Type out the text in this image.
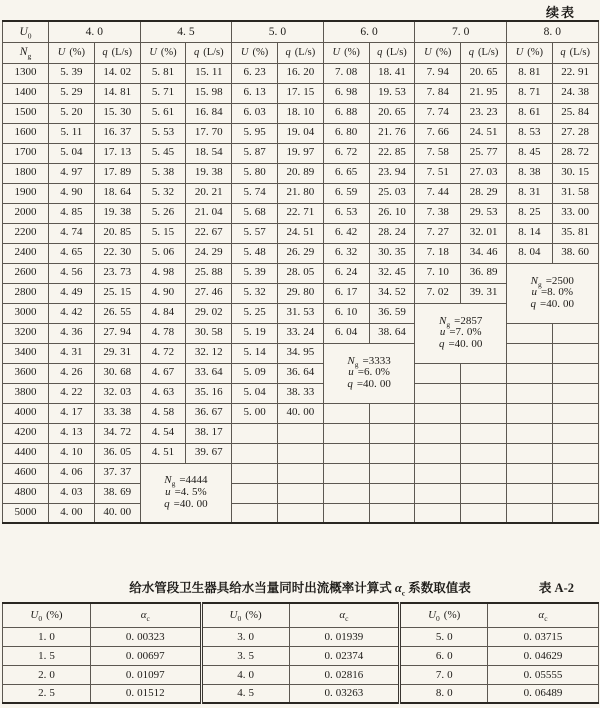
续表
$U_0$	4. 0		4. 5		5. 0		6. 0		7. 0		8. 0	
$N_g$	U (%)	q (L/s)	U (%)	q (L/s)	U (%)	q (L/s)	U (%)	q (L/s)	U (%)	q (L/s)	U (%)	q (L/s)
1300	5. 39	14. 02	5. 81	15. 11	6. 23	16. 20	7. 08	18. 41	7. 94	20. 65	8. 81	22. 91
1400	5. 29	14. 81	5. 71	15. 98	6. 13	17. 15	6. 98	19. 53	7. 84	21. 95	8. 71	24. 38
1500	5. 20	15. 30	5. 61	16. 84	6. 03	18. 10	6. 88	20. 65	7. 74	23. 23	8. 61	25. 84
1600	5. 11	16. 37	5. 53	17. 70	5. 95	19. 04	6. 80	21. 76	7. 66	24. 51	8. 53	27. 28
1700	5. 04	17. 13	5. 45	18. 54	5. 87	19. 97	6. 72	22. 85	7. 58	25. 77	8. 45	28. 72
1800	4. 97	17. 89	5. 38	19. 38	5. 80	20. 89	6. 65	23. 94	7. 51	27. 03	8. 38	30. 15
1900	4. 90	18. 64	5. 32	20. 21	5. 74	21. 80	6. 59	25. 03	7. 44	28. 29	8. 31	31. 58
2000	4. 85	19. 38	5. 26	21. 04	5. 68	22. 71	6. 53	26. 10	7. 38	29. 53	8. 25	33. 00
2200	4. 74	20. 85	5. 15	22. 67	5. 57	24. 51	6. 42	28. 24	7. 27	32. 01	8. 14	35. 81
2400	4. 65	22. 30	5. 06	24. 29	5. 48	26. 29	6. 32	30. 35	7. 18	34. 46	8. 04	38. 60
2600	4. 56	23. 73	4. 98	25. 88	5. 39	28. 05	6. 24	32. 45	7. 10	36. 89	$N_g =2500$
u =8. 0%
q =40. 00	

2800	4. 49	25. 15	4. 90	27. 46	5. 32	29. 80	6. 17	34. 52	7. 02	39. 31		
3000	4. 42	26. 55	4. 84	29. 02	5. 25	31. 53	6. 10	36. 59	$N_g =2857$
u =7. 0%
q =40. 00			

3200	4. 36	27. 94	4. 78	30. 58	5. 19	33. 24	6. 04	38. 64				
3400	4. 31	29. 31	4. 72	32. 12	5. 14	34. 95	$N_g =3333$
u =6. 0%
q =40. 00					

3600	4. 26	30. 68	4. 67	33. 64	5. 09	36. 64						
3800	4. 22	32. 03	4. 63	35. 16	5. 04	38. 33						
4000	4. 17	33. 38	4. 58	36. 67	5. 00	40. 00						
4200	4. 13	34. 72	4. 54	38. 17								
4400	4. 10	36. 05	4. 51	39. 67								
4600	4. 06	37. 37	$N_g =4444$
u =4. 5%
q =40. 00									

4800	4. 03	38. 69										
5000	4. 00	40. 00										
给水管段卫生器具给水当量同时出流概率计算式 $\alpha_c$ 系数取值表	表 A-2
$U_0$ (%)	$\alpha_c$	$U_0$ (%)	$\alpha_c$	$U_0$ (%)	$\alpha_c$
1. 0	0. 00323	3. 0	0. 01939	5. 0	0. 03715
1. 5	0. 00697	3. 5	0. 02374	6. 0	0. 04629
2. 0	0. 01097	4. 0	0. 02816	7. 0	0. 05555
2. 5	0. 01512	4. 5	0. 03263	8. 0	0. 06489
